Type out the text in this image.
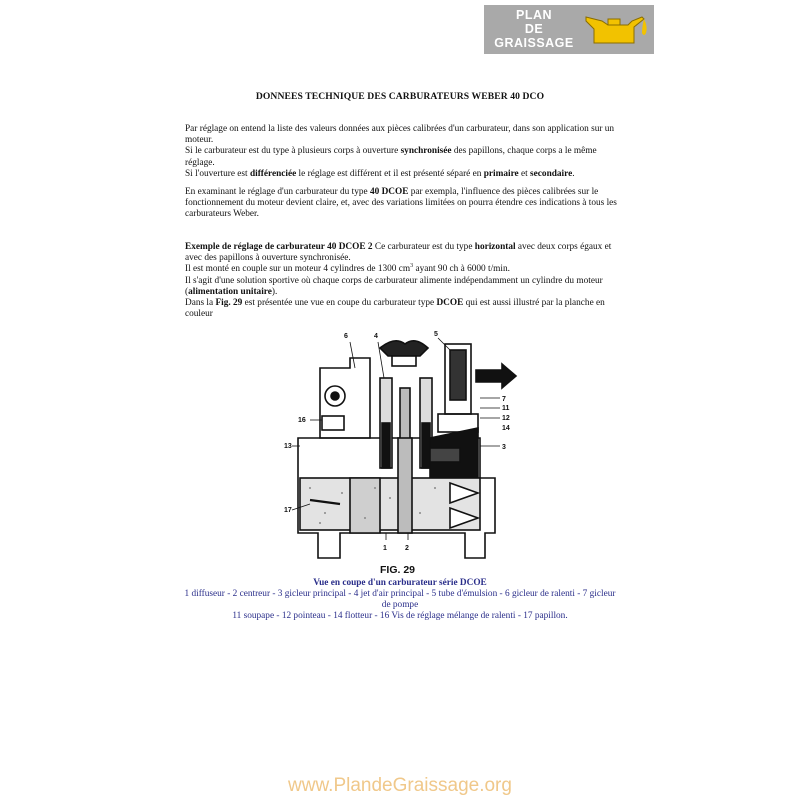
PLAN
DE
GRAISSAGE
DONNEES TECHNIQUE DES CARBURATEURS WEBER 40 DCO
Par réglage on entend la liste des valeurs données aux pièces calibrées d'un carburateur, dans son application sur un moteur.
Si le carburateur est du type à plusieurs corps à ouverture synchronisée des papillons, chaque corps a le même réglage.
Si l'ouverture est différenciée le réglage est différent et il est présenté séparé en primaire et secondaire.
En examinant le réglage d'un carburateur du type 40 DCOE par exempla, l'influence des pièces calibrées sur le fonctionnement du moteur devient claire, et, avec des variations limitées on pourra étendre ces indications à tous les carburateurs Weber.
Exemple de réglage de carburateur 40 DCOE 2 Ce carburateur est du type horizontal avec deux corps égaux et avec des papillons à ouverture synchronisée.
Il est monté en couple sur un moteur 4 cylindres de 1300 $cm^3$ ayant 90 ch à 6000 t/min.
Il s'agit d'une solution sportive où chaque corps de carburateur alimente indépendamment un cylindre du moteur (alimentation unitaire).
Dans la Fig. 29 est présentée une vue en coupe du carburateur type DCOE qui est aussi illustré par la planche en couleur
6	4	5
7
11
12
14
3
16
13
17
1	2
FIG. 29
Vue en coupe d'un carburateur série DCOE
1 diffuseur - 2 centreur - 3 gicleur principal - 4 jet d'air principal - 5 tube d'émulsion - 6 gicleur de ralenti - 7 gicleur de pompe
11 soupape - 12 pointeau - 14 flotteur - 16 Vis de réglage mélange de ralenti - 17 papillon.
www.PlandeGraissage.org
